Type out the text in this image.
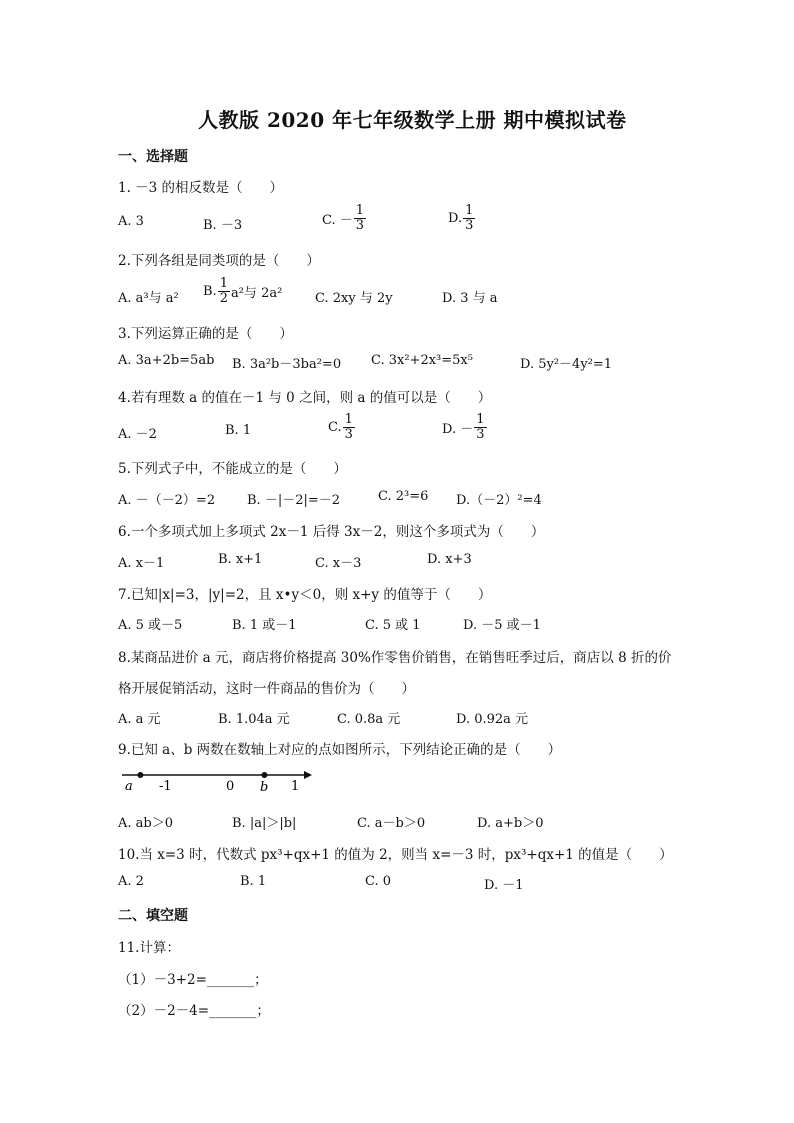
人教版 2020 年七年级数学上册 期中模拟试卷
一、选择题
1. －3 的相反数是（　　）
A. 3	B. －3	C. － $\frac{1}{3}$	D. $\frac{1}{3}$
2.下列各组是同类项的是（　　）
A. a³与 a² B. $\frac{1}{2} a^2$与 2a²	C. 2xy 与 2y	D. 3 与 a
3.下列运算正确的是（　　）
A. 3a+2b=5ab B. 3a²b－3ba²=0 C. 3x²+2x³=5x⁵	D. 5y²－4y²=1
4.若有理数 a 的值在－1 与 0 之间，则 a 的值可以是（　　）
A. －2	B. 1	C. $\frac{1}{3}$	D. － $\frac{1}{3}$
5.下列式子中，不能成立的是（　　）
A. －（－2）=2 B. －|－2|=－2	C. 2³=6 D.（－2）²=4
6.一个多项式加上多项式 2x－1 后得 3x－2，则这个多项式为（　　）
A. x－1	B. x+1	C. x－3	D. x+3
7.已知|x|=3，|y|=2，且 x•y＜0，则 x+y 的值等于（　　）
A. 5 或－5	B. 1 或－1	C. 5 或 1	D. －5 或－1
8.某商品进价 a 元，商店将价格提高 30%作零售价销售，在销售旺季过后，商店以 8 折的价
格开展促销活动，这时一件商品的售价为（　　）
A. a 元	B. 1.04a 元	C. 0.8a 元	D. 0.92a 元
9.已知 a、b 两数在数轴上对应的点如图所示，下列结论正确的是（　　）
a -1	0 b 1
A. ab＞0	B. |a|＞|b|	C. a－b＞0	D. a+b＞0
10.当 x=3 时，代数式 px³+qx+1 的值为 2，则当 x=－3 时，px³+qx+1 的值是（　　）
A. 2	B. 1	C. 0	D. －1
二、填空题
11.计算：
（1）－3+2=_______；
（2）－2－4=_______；
